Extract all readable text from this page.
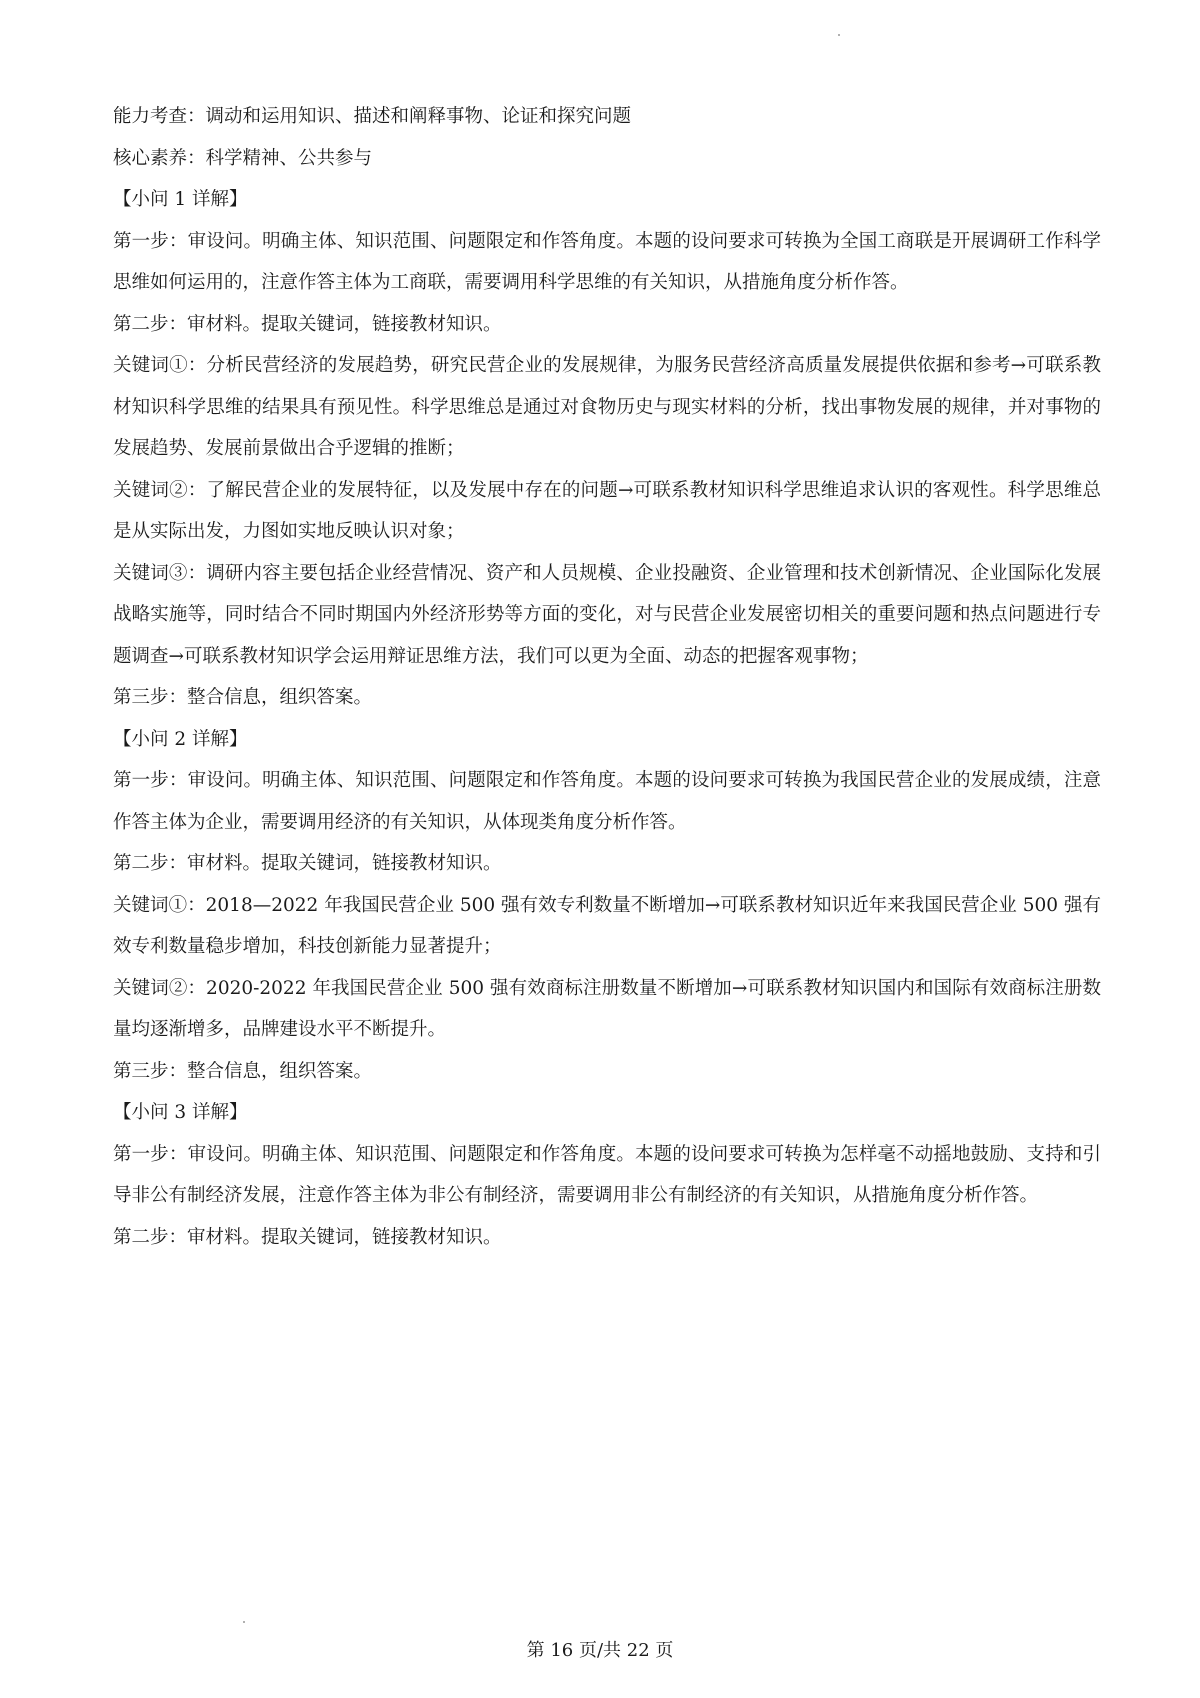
能力考查：调动和运用知识、描述和阐释事物、论证和探究问题

核心素养：科学精神、公共参与

【小问 1 详解】

第一步：审设问。明确主体、知识范围、问题限定和作答角度。本题的设问要求可转换为全国工商联是开展调研工作科学思维如何运用的，注意作答主体为工商联，需要调用科学思维的有关知识，从措施角度分析作答。

第二步：审材料。提取关键词，链接教材知识。

关键词①：分析民营经济的发展趋势，研究民营企业的发展规律，为服务民营经济高质量发展提供依据和参考→可联系教材知识科学思维的结果具有预见性。科学思维总是通过对食物历史与现实材料的分析，找出事物发展的规律，并对事物的发展趋势、发展前景做出合乎逻辑的推断；

关键词②：了解民营企业的发展特征，以及发展中存在的问题→可联系教材知识科学思维追求认识的客观性。科学思维总是从实际出发，力图如实地反映认识对象；

关键词③：调研内容主要包括企业经营情况、资产和人员规模、企业投融资、企业管理和技术创新情况、企业国际化发展战略实施等，同时结合不同时期国内外经济形势等方面的变化，对与民营企业发展密切相关的重要问题和热点问题进行专题调查→可联系教材知识学会运用辩证思维方法，我们可以更为全面、动态的把握客观事物；

第三步：整合信息，组织答案。

【小问 2 详解】

第一步：审设问。明确主体、知识范围、问题限定和作答角度。本题的设问要求可转换为我国民营企业的发展成绩，注意作答主体为企业，需要调用经济的有关知识，从体现类角度分析作答。

第二步：审材料。提取关键词，链接教材知识。

关键词①：2018—2022 年我国民营企业 500 强有效专利数量不断增加→可联系教材知识近年来我国民营企业 500 强有效专利数量稳步增加，科技创新能力显著提升；

关键词②：2020-2022 年我国民营企业 500 强有效商标注册数量不断增加→可联系教材知识国内和国际有效商标注册数量均逐渐增多，品牌建设水平不断提升。

第三步：整合信息，组织答案。

【小问 3 详解】

第一步：审设问。明确主体、知识范围、问题限定和作答角度。本题的设问要求可转换为怎样毫不动摇地鼓励、支持和引导非公有制经济发展，注意作答主体为非公有制经济，需要调用非公有制经济的有关知识，从措施角度分析作答。

第二步：审材料。提取关键词，链接教材知识。

第 16 页/共 22 页
